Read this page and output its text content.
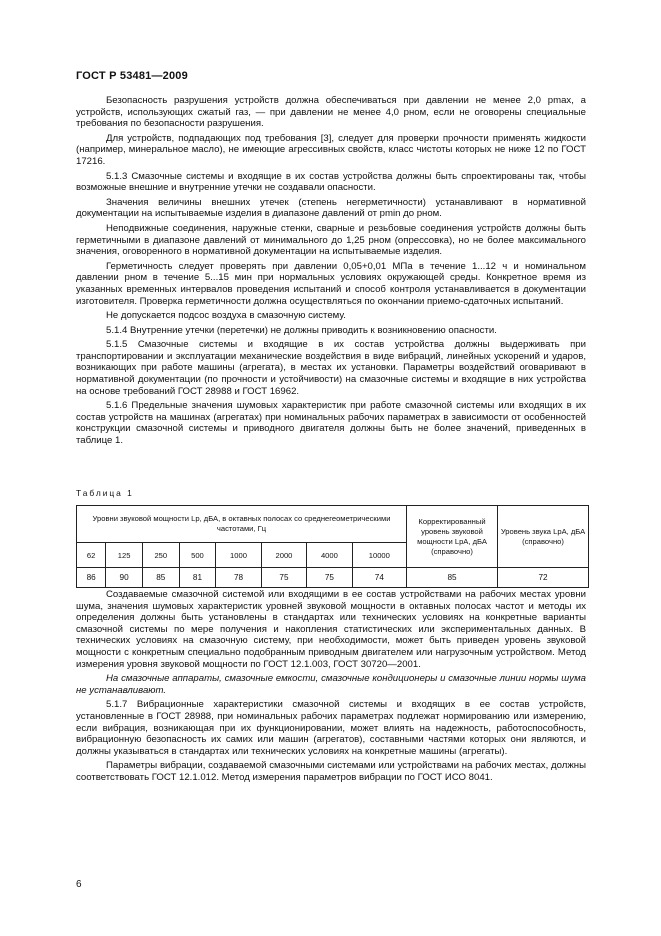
ГОСТ Р 53481—2009

Безопасность разрушения устройств должна обеспечиваться при давлении не менее 2,0 pmax, а устройств, использующих сжатый газ, — при давлении не менее 4,0 pном, если не оговорены специальные требования по безопасности разрушения.

Для устройств, подпадающих под требования [3], следует для проверки прочности применять жидкости (например, минеральное масло), не имеющие агрессивных свойств, класс чистоты которых не ниже 12 по ГОСТ 17216.

5.1.3 Смазочные системы и входящие в их состав устройства должны быть спроектированы так, чтобы возможные внешние и внутренние утечки не создавали опасности.

Значения величины внешних утечек (степень негерметичности) устанавливают в нормативной документации на испытываемые изделия в диапазоне давлений от pmin до pном.

Неподвижные соединения, наружные стенки, сварные и резьбовые соединения устройств должны быть герметичными в диапазоне давлений от минимального до 1,25 pном (опрессовка), но не более максимального значения, оговоренного в нормативной документации на испытываемые изделия.

Герметичность следует проверять при давлении 0,05+0,01 МПа в течение 1...12 ч и номинальном давлении pном в течение 5...15 мин при нормальных условиях окружающей среды. Конкретное время из указанных временных интервалов проведения испытаний и способ контроля устанавливается в документации изготовителя. Проверка герметичности должна осуществляться по окончании приемо-сдаточных испытаний.

Не допускается подсос воздуха в смазочную систему.

5.1.4 Внутренние утечки (перетечки) не должны приводить к возникновению опасности.

5.1.5 Смазочные системы и входящие в их состав устройства должны выдерживать при транспортировании и эксплуатации механические воздействия в виде вибраций, линейных ускорений и ударов, возникающих при работе машины (агрегата), в местах их установки. Параметры воздействий оговаривают в нормативной документации (по прочности и устойчивости) на смазочные системы и входящие в них устройства на основе требований ГОСТ 28988 и ГОСТ 16962.

5.1.6 Предельные значения шумовых характеристик при работе смазочной системы или входящих в их состав устройств на машинах (агрегатах) при номинальных рабочих параметрах в зависимости от особенностей конструкции смазочной системы и приводного двигателя должны быть не более значений, приведенных в таблице 1.

Таблица 1
Уровни звуковой мощности Lр, дБА, в октавных полосах со среднегеометрическими частотами, Гц								Корректированный уровень звуковой мощности LрА, дБА (справочно)	Уровень звука LрА, дБА (справочно)
62	125	250	500	1000	2000	4000	10000		
86	90	85	81	78	75	75	74	85	72

Создаваемые смазочной системой или входящими в ее состав устройствами на рабочих местах уровни шума, значения шумовых характеристик уровней звуковой мощности в октавных полосах частот и методы их определения должны быть установлены в стандартах или технических условиях на конкретные варианты смазочной системы по мере получения и накопления статистических или экспериментальных данных. В технических условиях на смазочную систему, при необходимости, может быть приведен уровень звуковой мощности с конкретным специально подобранным приводным двигателем или нагрузочным устройством. Метод измерения уровня звуковой мощности по ГОСТ 12.1.003, ГОСТ 30720—2001.

На смазочные аппараты, смазочные емкости, смазочные кондиционеры и смазочные линии нормы шума не устанавливают.

5.1.7 Вибрационные характеристики смазочной системы и входящих в ее состав устройств, установленные в ГОСТ 28988, при номинальных рабочих параметрах подлежат нормированию или измерению, если вибрация, возникающая при их функционировании, может влиять на надежность, работоспособность, вибрационную безопасность их самих или машин (агрегатов), составными частями которых они являются, и должны указываться в стандартах или технических условиях на конкретные машины (агрегаты).

Параметры вибрации, создаваемой смазочными системами или устройствами на рабочих местах, должны соответствовать ГОСТ 12.1.012. Метод измерения параметров вибрации по ГОСТ ИСО 8041.

6
